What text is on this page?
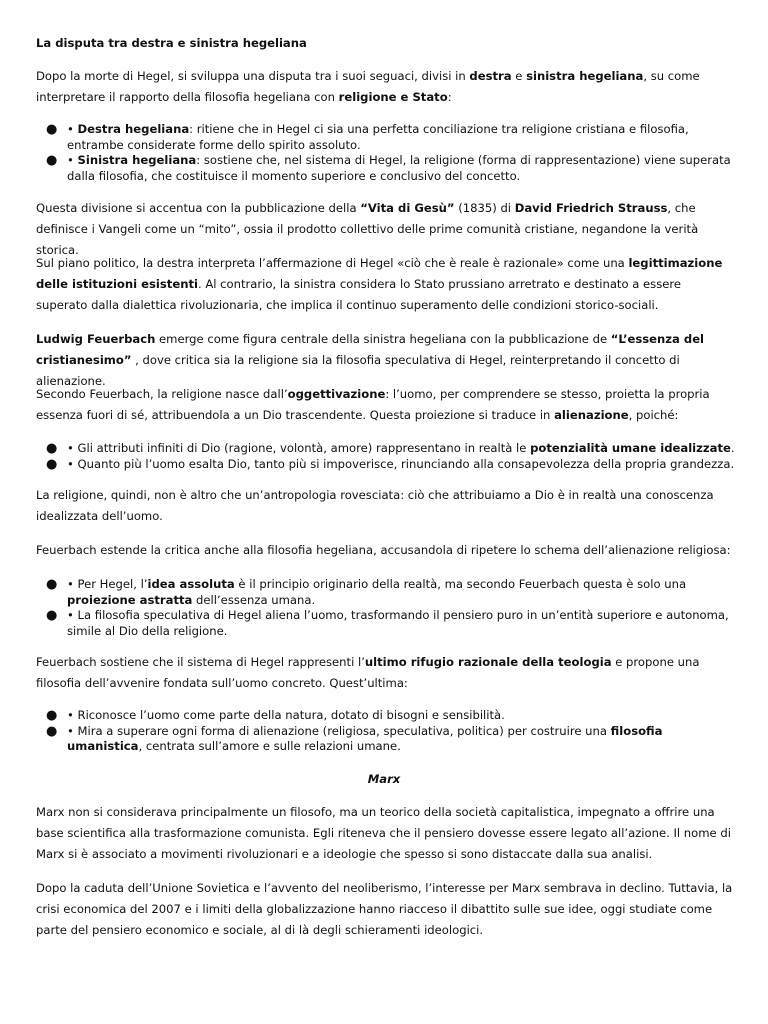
La disputa tra destra e sinistra hegeliana

Dopo la morte di Hegel, si sviluppa una disputa tra i suoi seguaci, divisi in destra e sinistra hegeliana, su come interpretare il rapporto della filosofia hegeliana con religione e Stato:

● • Destra hegeliana: ritiene che in Hegel ci sia una perfetta conciliazione tra religione cristiana e filosofia, entrambe considerate forme dello spirito assoluto.
● • Sinistra hegeliana: sostiene che, nel sistema di Hegel, la religione (forma di rappresentazione) viene superata dalla filosofia, che costituisce il momento superiore e conclusivo del concetto.

Questa divisione si accentua con la pubblicazione della “Vita di Gesù” (1835) di David Friedrich Strauss, che definisce i Vangeli come un “mito”, ossia il prodotto collettivo delle prime comunità cristiane, negandone la verità storica.

Sul piano politico, la destra interpreta l’affermazione di Hegel «ciò che è reale è razionale» come una legittimazione delle istituzioni esistenti. Al contrario, la sinistra considera lo Stato prussiano arretrato e destinato a essere superato dalla dialettica rivoluzionaria, che implica il continuo superamento delle condizioni storico-sociali.

Ludwig Feuerbach emerge come figura centrale della sinistra hegeliana con la pubblicazione de “L’essenza del cristianesimo” , dove critica sia la religione sia la filosofia speculativa di Hegel, reinterpretando il concetto di alienazione.

Secondo Feuerbach, la religione nasce dall’oggettivazione: l’uomo, per comprendere se stesso, proietta la propria essenza fuori di sé, attribuendola a un Dio trascendente. Questa proiezione si traduce in alienazione, poiché:

● • Gli attributi infiniti di Dio (ragione, volontà, amore) rappresentano in realtà le potenzialità umane idealizzate.
● • Quanto più l’uomo esalta Dio, tanto più si impoverisce, rinunciando alla consapevolezza della propria grandezza.

La religione, quindi, non è altro che un’antropologia rovesciata: ciò che attribuiamo a Dio è in realtà una conoscenza idealizzata dell’uomo.

Feuerbach estende la critica anche alla filosofia hegeliana, accusandola di ripetere lo schema dell’alienazione religiosa:

● • Per Hegel, l’idea assoluta è il principio originario della realtà, ma secondo Feuerbach questa è solo una proiezione astratta dell’essenza umana.
● • La filosofia speculativa di Hegel aliena l’uomo, trasformando il pensiero puro in un’entità superiore e autonoma, simile al Dio della religione.

Feuerbach sostiene che il sistema di Hegel rappresenti l’ultimo rifugio razionale della teologia e propone una filosofia dell’avvenire fondata sull’uomo concreto. Quest’ultima:

● • Riconosce l’uomo come parte della natura, dotato di bisogni e sensibilità.
● • Mira a superare ogni forma di alienazione (religiosa, speculativa, politica) per costruire una filosofia umanistica, centrata sull’amore e sulle relazioni umane.
Marx

Marx non si considerava principalmente un filosofo, ma un teorico della società capitalistica, impegnato a offrire una base scientifica alla trasformazione comunista. Egli riteneva che il pensiero dovesse essere legato all’azione. Il nome di Marx si è associato a movimenti rivoluzionari e a ideologie che spesso si sono distaccate dalla sua analisi.

Dopo la caduta dell’Unione Sovietica e l’avvento del neoliberismo, l’interesse per Marx sembrava in declino. Tuttavia, la crisi economica del 2007 e i limiti della globalizzazione hanno riacceso il dibattito sulle sue idee, oggi studiate come parte del pensiero economico e sociale, al di là degli schieramenti ideologici.
